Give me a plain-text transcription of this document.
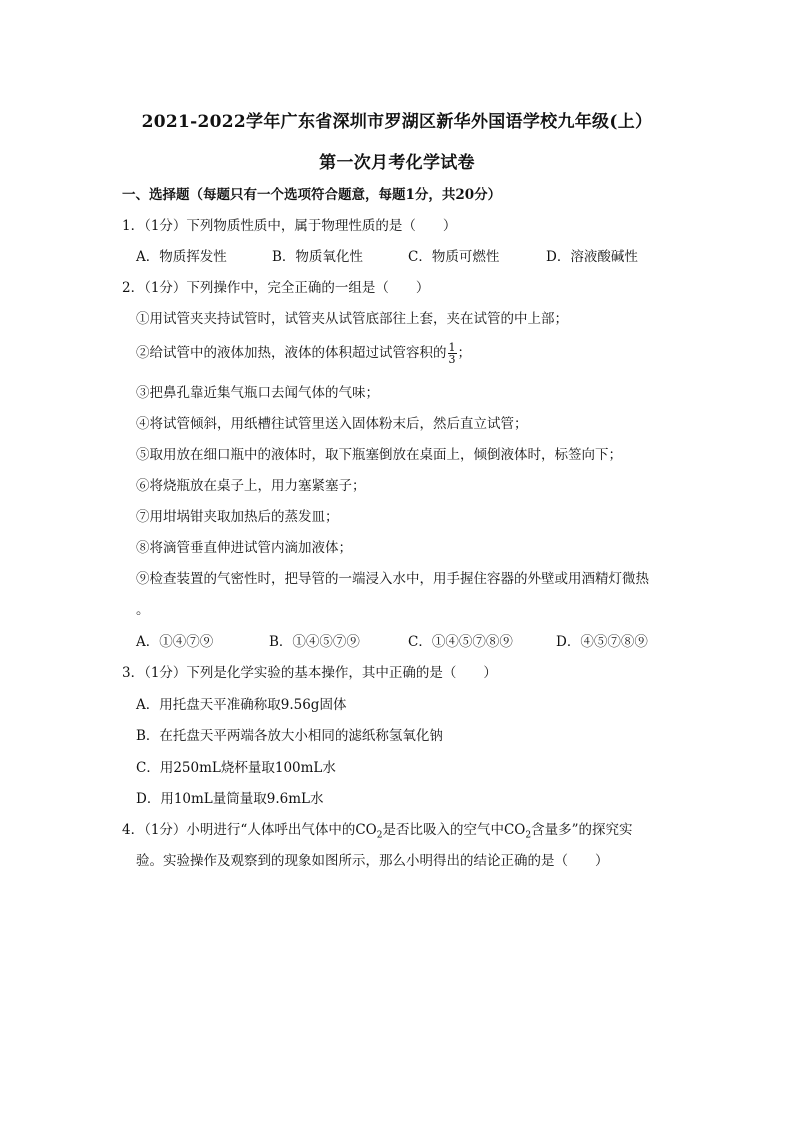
2021-2022学年广东省深圳市罗湖区新华外国语学校九年级(上）
第一次月考化学试卷
一、选择题（每题只有一个选项符合题意，每题1分，共20分）
1．（1分）下列物质性质中，属于物理性质的是（　　）
A．物质挥发性	B．物质氧化性	C．物质可燃性	D．溶液酸碱性
2．（1分）下列操作中，完全正确的一组是（　　）
①用试管夹夹持试管时，试管夹从试管底部往上套，夹在试管的中上部；
②给试管中的液体加热，液体的体积超过试管容积的 $\frac{1}{3}$ ；
③把鼻孔靠近集气瓶口去闻气体的气味；
④将试管倾斜，用纸槽往试管里送入固体粉末后，然后直立试管；
⑤取用放在细口瓶中的液体时，取下瓶塞倒放在桌面上，倾倒液体时，标签向下；
⑥将烧瓶放在桌子上，用力塞紧塞子；
⑦用坩埚钳夹取加热后的蒸发皿；
⑧将滴管垂直伸进试管内滴加液体；
⑨检查装置的气密性时，把导管的一端浸入水中，用手握住容器的外壁或用酒精灯微热
。
A．①④⑦⑨	B．①④⑤⑦⑨	C．①④⑤⑦⑧⑨	D．④⑤⑦⑧⑨
3．（1分）下列是化学实验的基本操作，其中正确的是（　　）
A．用托盘天平准确称取9.56g固体
B．在托盘天平两端各放大小相同的滤纸称氢氧化钠
C．用250mL烧杯量取100mL水
D．用10mL量筒量取9.6mL水
4．（1分）小明进行“人体呼出气体中的$CO_2$是否比吸入的空气中$CO_2$含量多”的探究实
验。实验操作及观察到的现象如图所示，那么小明得出的结论正确的是（　　）
